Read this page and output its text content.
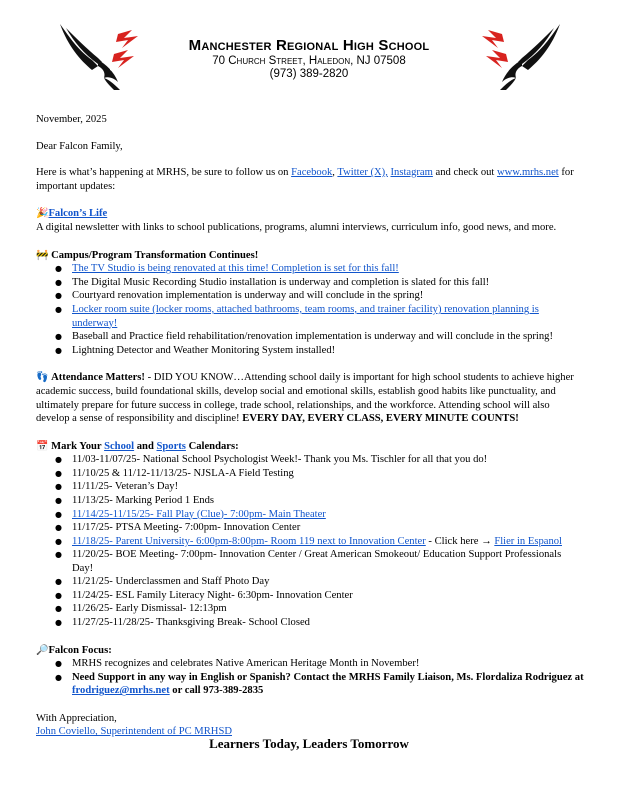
Manchester Regional High School
70 Church Street, Haledon, NJ 07508
(973) 389-2820

November, 2025

Dear Falcon Family,

Here is what’s happening at MRHS, be sure to follow us on Facebook, Twitter (X), Instagram and check out www.mrhs.net for important updates:

🎉Falcon’s Life

A digital newsletter with links to school publications, programs, alumni interviews, curriculum info, good news, and more.

🚧 Campus/Program Transformation Continues!

● The TV Studio is being renovated at this time! Completion is set for this fall!
● The Digital Music Recording Studio installation is underway and completion is slated for this fall!
● Courtyard renovation implementation is underway and will conclude in the spring!
● Locker room suite (locker rooms, attached bathrooms, team rooms, and trainer facility) renovation planning is underway!
● Baseball and Practice field rehabilitation/renovation implementation is underway and will conclude in the spring!
● Lightning Detector and Weather Monitoring System installed!

👣 Attendance Matters! - DID YOU KNOW…Attending school daily is important for high school students to achieve higher academic success, build foundational skills, develop social and emotional skills, establish good habits like punctuality, and ultimately prepare for future success in college, trade school, relationships, and the workforce. Attending school will also develop a sense of responsibility and discipline! EVERY DAY, EVERY CLASS, EVERY MINUTE COUNTS!

📅 Mark Your School and Sports Calendars:

● 11/03-11/07/25- National School Psychologist Week!- Thank you Ms. Tischler for all that you do!
● 11/10/25 & 11/12-11/13/25- NJSLA-A Field Testing
● 11/11/25- Veteran’s Day!
● 11/13/25- Marking Period 1 Ends
● 11/14/25-11/15/25- Fall Play (Clue)- 7:00pm- Main Theater
● 11/17/25- PTSA Meeting- 7:00pm- Innovation Center
● 11/18/25- Parent University- 6:00pm-8:00pm- Room 119 next to Innovation Center - Click here → Flier in Espanol
● 11/20/25- BOE Meeting- 7:00pm- Innovation Center / Great American Smokeout/ Education Support Professionals Day!
● 11/21/25- Underclassmen and Staff Photo Day
● 11/24/25- ESL Family Literacy Night- 6:30pm- Innovation Center
● 11/26/25- Early Dismissal- 12:13pm
● 11/27/25-11/28/25- Thanksgiving Break- School Closed

🔎Falcon Focus:

● MRHS recognizes and celebrates Native American Heritage Month in November!
● Need Support in any way in English or Spanish? Contact the MRHS Family Liaison, Ms. Flordaliza Rodriguez at frodriguez@mrhs.net or call 973-389-2835

With Appreciation,

John Coviello, Superintendent of PC MRHSD

Learners Today, Leaders Tomorrow
